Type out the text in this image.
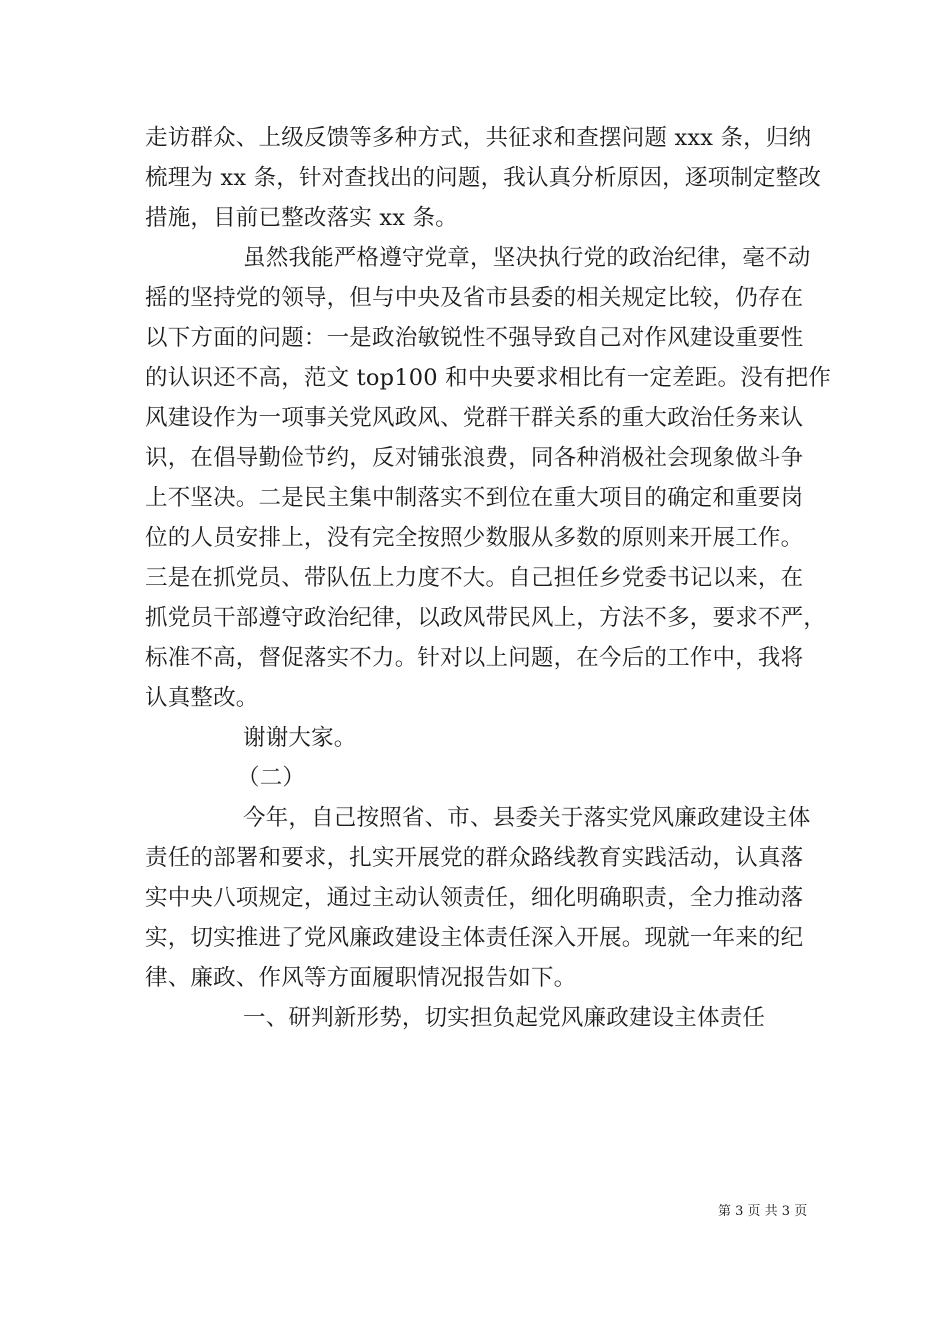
走访群众、上级反馈等多种方式，共征求和查摆问题 xxx 条，归纳
梳理为 xx 条，针对查找出的问题，我认真分析原因，逐项制定整改
措施，目前已整改落实 xx 条。
虽然我能严格遵守党章，坚决执行党的政治纪律，毫不动
摇的坚持党的领导，但与中央及省市县委的相关规定比较，仍存在
以下方面的问题：一是政治敏锐性不强导致自己对作风建设重要性
的认识还不高，范文 top100 和中央要求相比有一定差距。没有把作
风建设作为一项事关党风政风、党群干群关系的重大政治任务来认
识，在倡导勤俭节约，反对铺张浪费，同各种消极社会现象做斗争
上不坚决。二是民主集中制落实不到位在重大项目的确定和重要岗
位的人员安排上，没有完全按照少数服从多数的原则来开展工作。
三是在抓党员、带队伍上力度不大。自己担任乡党委书记以来，在
抓党员干部遵守政治纪律，以政风带民风上，方法不多，要求不严，
标准不高，督促落实不力。针对以上问题，在今后的工作中，我将
认真整改。
谢谢大家。
（二）
今年，自己按照省、市、县委关于落实党风廉政建设主体
责任的部署和要求，扎实开展党的群众路线教育实践活动，认真落
实中央八项规定，通过主动认领责任，细化明确职责，全力推动落
实，切实推进了党风廉政建设主体责任深入开展。现就一年来的纪
律、廉政、作风等方面履职情况报告如下。
一、研判新形势，切实担负起党风廉政建设主体责任
第 3 页 共 3 页
